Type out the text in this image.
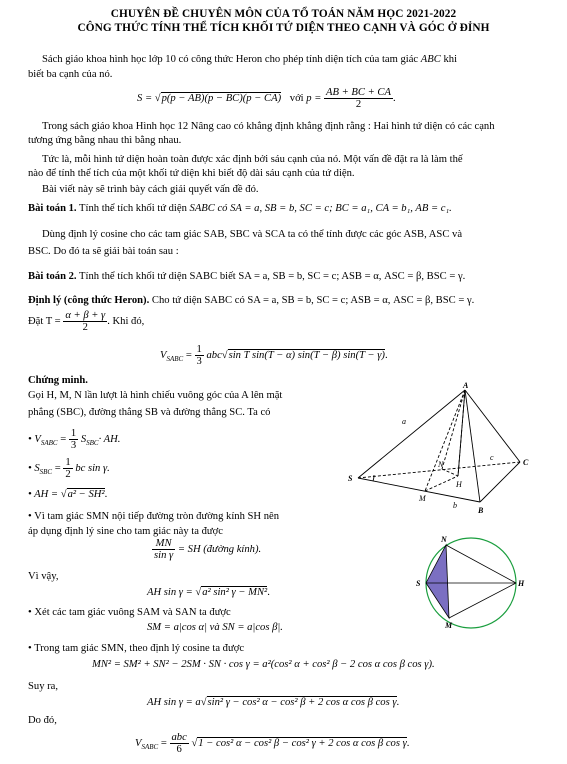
CHUYÊN ĐỀ CHUYÊN MÔN CỦA TỔ TOÁN NĂM HỌC 2021-2022
CÔNG THỨC TÍNH THỂ TÍCH KHỐI TỨ DIỆN THEO CẠNH VÀ GÓC Ở ĐỈNH
Sách giáo khoa hình học lớp 10 có công thức Heron cho phép tính diện tích của tam giác ABC khi
biết ba cạnh của nó.
S = √p(p − AB)(p − BC)(p − CA) với $p = \frac{AB + BC + CA}{2}$ .
Trong sách giáo khoa Hình học 12 Nâng cao có khẳng định khẳng định rằng : Hai hình tứ diện có các cạnh
tương ứng bằng nhau thì bằng nhau.
Tức là, mỗi hình tứ diện hoàn toàn được xác định bởi sáu cạnh của nó. Một vấn đề đặt ra là làm thế
nào để tính thể tích của một khối tứ diện khi biết độ dài sáu cạnh của tứ diện.
Bài viết này sẽ trình bày cách giải quyết vấn đề đó.
Bài toán 1. Tính thể tích khối tứ diện SABC có SA = a, SB = b, SC = c; BC = a₁, CA = b₁, AB = c₁.
Dùng định lý cosine cho các tam giác SAB, SBC và SCA ta có thể tính được các góc ASB, ASC và
BSC. Do đó ta sẽ giải bài toán sau :
Bài toán 2. Tính thể tích khối tứ diện SABC biết SA = a, SB = b, SC = c; ASB = α, ASC = β, BSC = γ.
Định lý (công thức Heron). Cho tứ diện SABC có SA = a, SB = b, SC = c; ASB = α, ASC = β, BSC = γ.
Đặt $T = \frac{\alpha + \beta + \gamma}{2}$ . Khi đó,
$V_{SABC} = \frac{1}{3} abc√\sin$ T sin(T − α) sin(T − β) sin(T − γ).
Chứng minh.
Gọi H, M, N lần lượt là hình chiếu vuông góc của A lên mặt
phẳng (SBC), đường thẳng SB và đường thẳng SC. Ta có
• $V_{SABC} = \frac{1}{3} S_{SBC}\cdot$ AH.
• $S_{SBC} = \frac{1}{2}$ bc sin γ.
• AH = √a² − SH².
• Vì tam giác SMN nội tiếp đường tròn đường kính SH nên
áp dụng định lý sine cho tam giác này ta được
$\frac{MN}{\text{sin γ}}$ = SH (đường kính).
Vì vậy,
AH sin γ = √a² sin² γ − MN².
• Xét các tam giác vuông SAM và SAN ta được
SM = a|cos α| và SN = a|cos β|.
• Trong tam giác SMN, theo định lý cosine ta được
MN² = SM² + SN² − 2SM · SN · cos γ = a²(cos² α + cos² β − 2 cos α cos β cos γ).
Suy ra,
AH sin γ = a√sin² γ − cos² α − cos² β + 2 cos α cos β cos γ.
Do đó,
$V_{SABC} = \frac{\text{abc}}{6} √1 - \cos^2$ α − cos² β − cos² γ + 2 cos α cos β cos γ.
A
a
c
C
N
H
M
b
B
S
N
S	H
M
